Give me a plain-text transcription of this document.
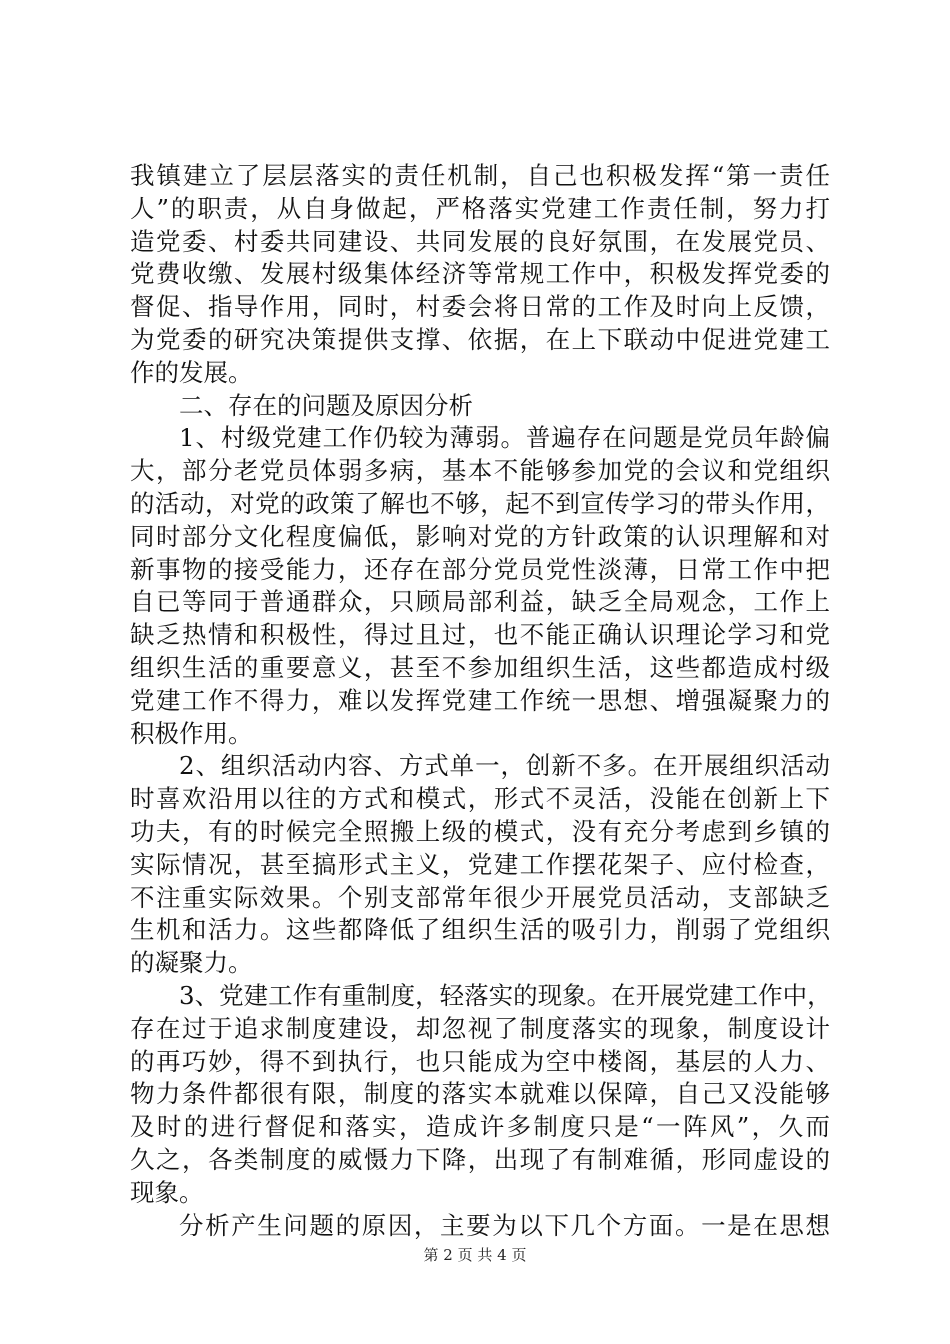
我镇建立了层层落实的责任机制，自己也积极发挥“第一责任
人”的职责，从自身做起，严格落实党建工作责任制，努力打
造党委、村委共同建设、共同发展的良好氛围，在发展党员、
党费收缴、发展村级集体经济等常规工作中，积极发挥党委的
督促、指导作用，同时，村委会将日常的工作及时向上反馈，
为党委的研究决策提供支撑、依据，在上下联动中促进党建工
作的发展。
二、存在的问题及原因分析
1、村级党建工作仍较为薄弱。普遍存在问题是党员年龄偏
大，部分老党员体弱多病，基本不能够参加党的会议和党组织
的活动，对党的政策了解也不够，起不到宣传学习的带头作用，
同时部分文化程度偏低，影响对党的方针政策的认识理解和对
新事物的接受能力，还存在部分党员党性淡薄，日常工作中把
自已等同于普通群众，只顾局部利益，缺乏全局观念，工作上
缺乏热情和积极性，得过且过，也不能正确认识理论学习和党
组织生活的重要意义，甚至不参加组织生活，这些都造成村级
党建工作不得力，难以发挥党建工作统一思想、增强凝聚力的
积极作用。
2、组织活动内容、方式单一，创新不多。在开展组织活动
时喜欢沿用以往的方式和模式，形式不灵活，没能在创新上下
功夫，有的时候完全照搬上级的模式，没有充分考虑到乡镇的
实际情况，甚至搞形式主义，党建工作摆花架子、应付检查，
不注重实际效果。个别支部常年很少开展党员活动，支部缺乏
生机和活力。这些都降低了组织生活的吸引力，削弱了党组织
的凝聚力。
3、党建工作有重制度，轻落实的现象。在开展党建工作中，
存在过于追求制度建设，却忽视了制度落实的现象，制度设计
的再巧妙，得不到执行，也只能成为空中楼阁，基层的人力、
物力条件都很有限，制度的落实本就难以保障，自己又没能够
及时的进行督促和落实，造成许多制度只是“一阵风”，久而
久之，各类制度的威慑力下降，出现了有制难循，形同虚设的
现象。
分析产生问题的原因，主要为以下几个方面。一是在思想
第 2 页 共 4 页
